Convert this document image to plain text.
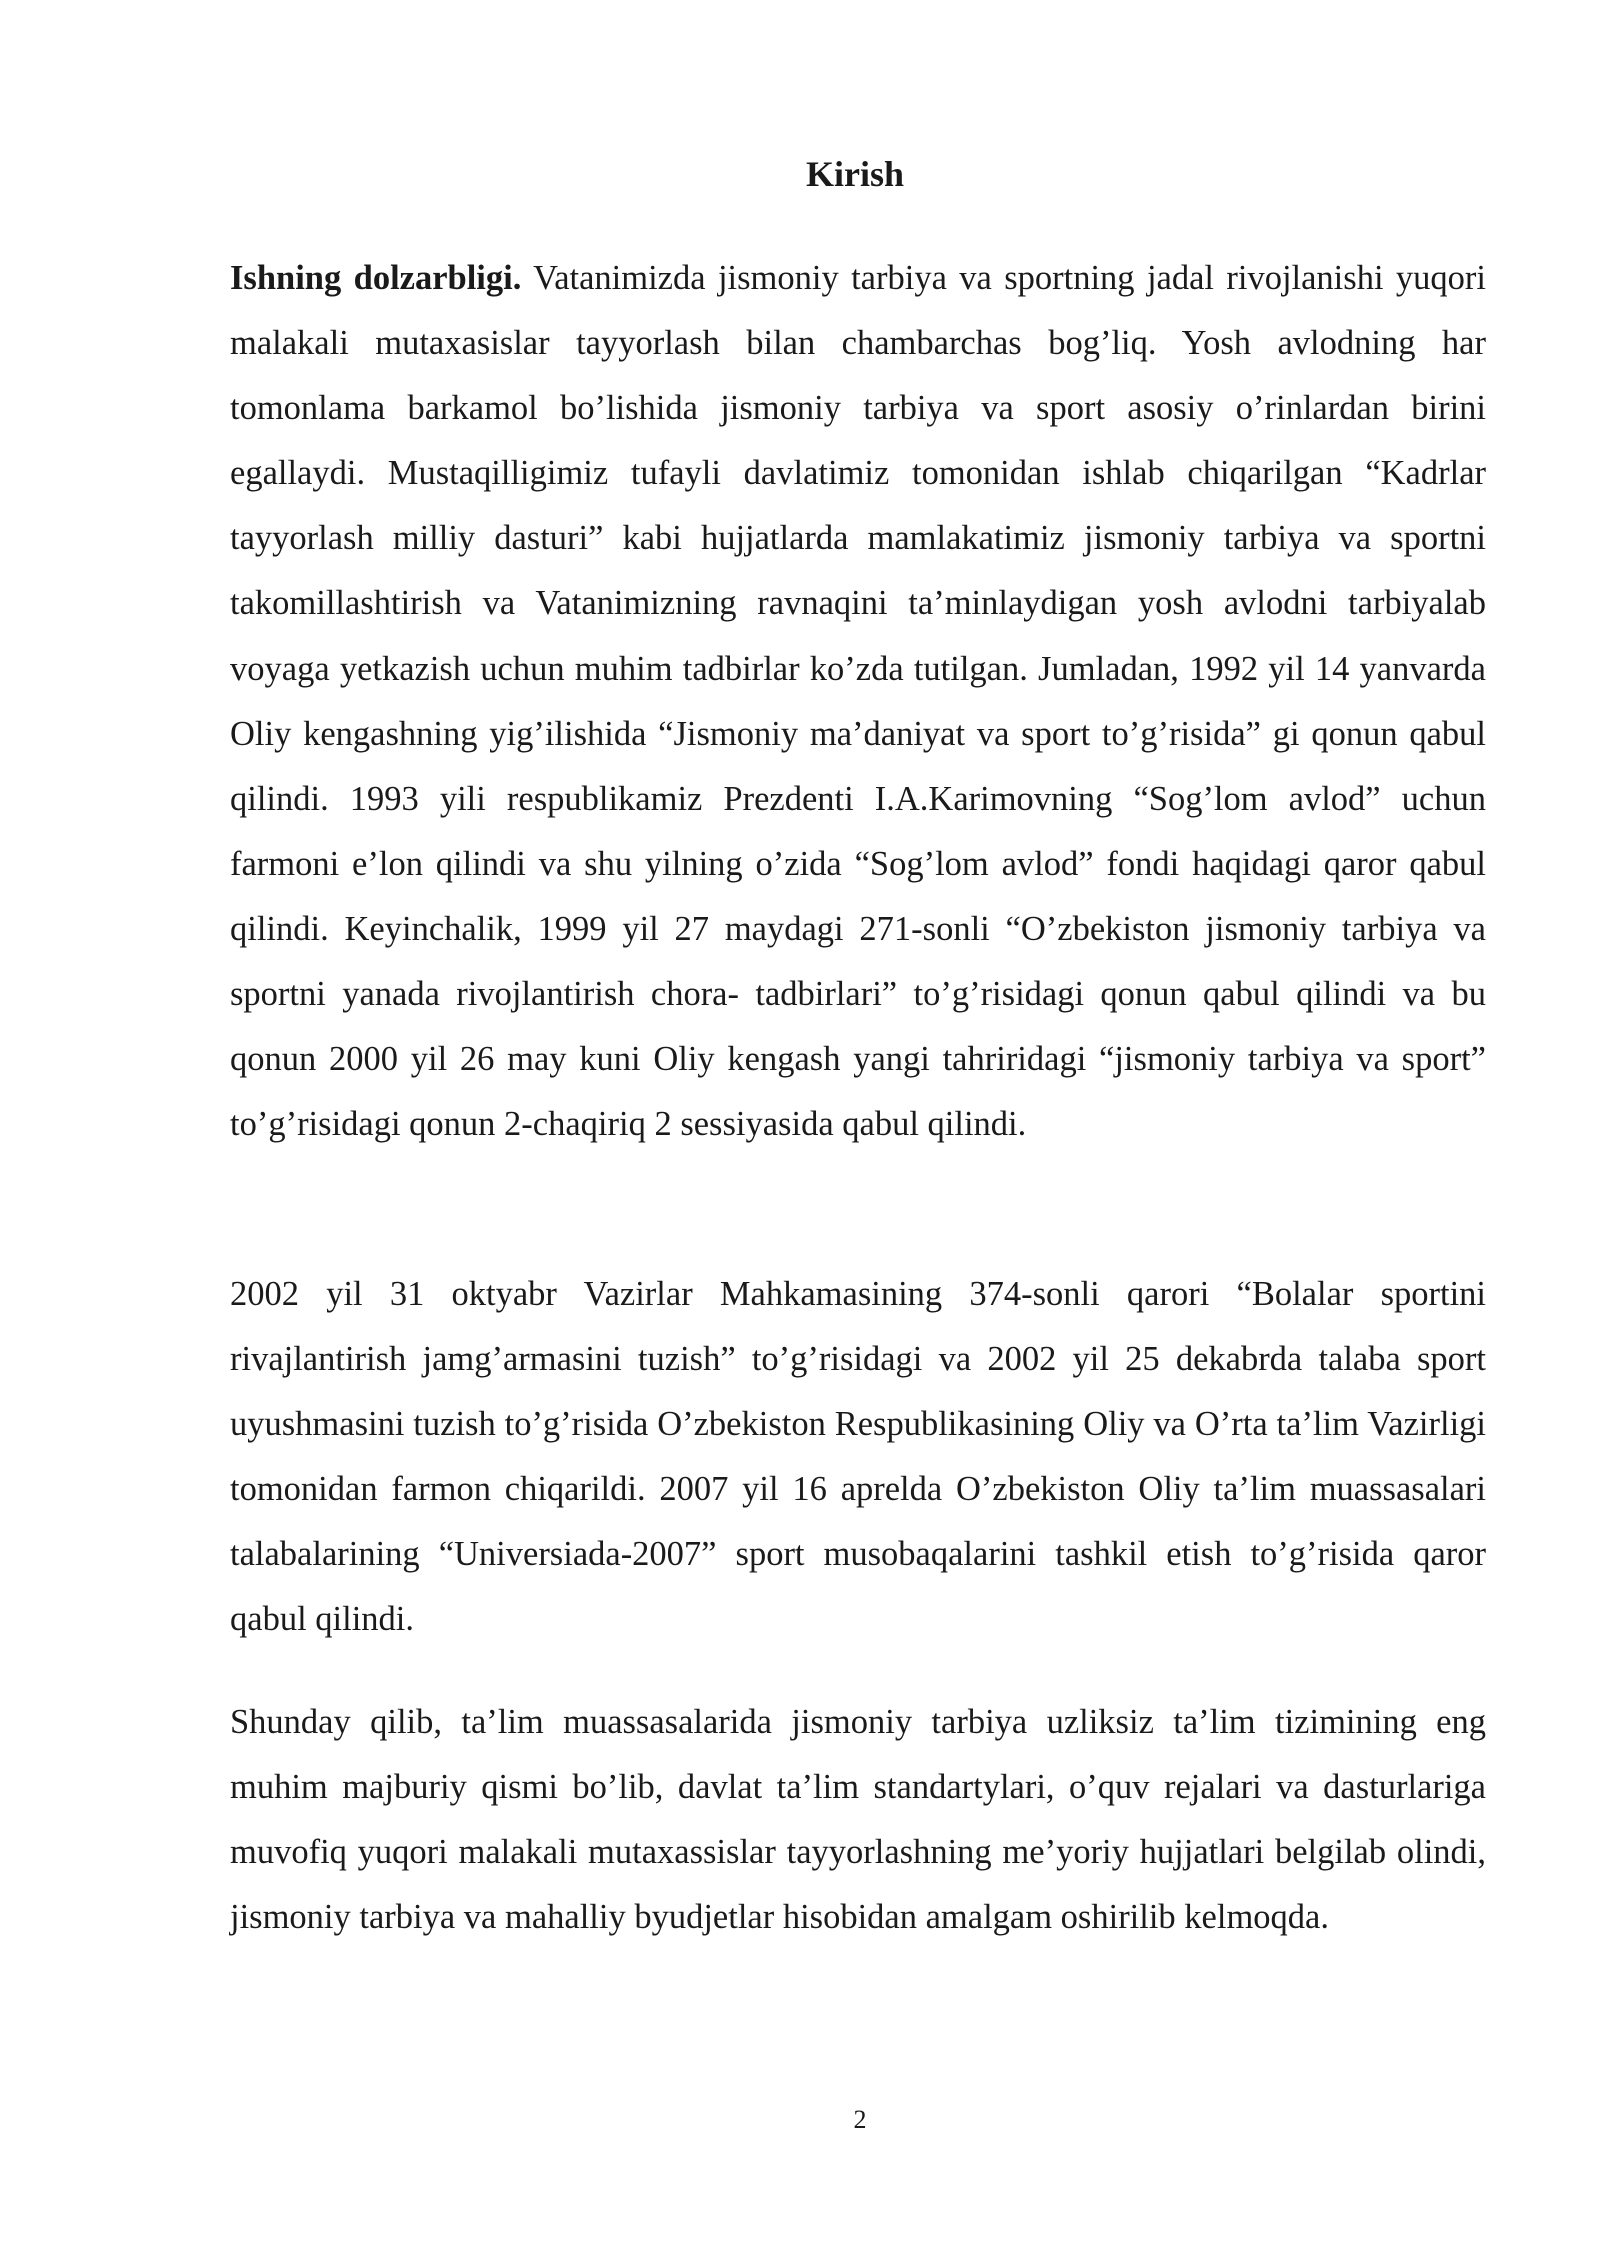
Kirish

Ishning dolzarbligi. Vatanimizda jismoniy tarbiya va sportning jadal rivojlanishi yuqori malakali mutaxasislar tayyorlash bilan chambarchas bog’liq. Yosh avlodning har tomonlama barkamol bo’lishida jismoniy tarbiya va sport asosiy o’rinlardan birini egallaydi. Mustaqilligimiz tufayli davlatimiz tomonidan ishlab chiqarilgan “Kadrlar tayyorlash milliy dasturi” kabi hujjatlarda mamlakatimiz jismoniy tarbiya va sportni takomillashtirish va Vatanimizning ravnaqini ta’minlaydigan yosh avlodni tarbiyalab voyaga yetkazish uchun muhim tadbirlar ko’zda tutilgan. Jumladan, 1992 yil 14 yanvarda Oliy kengashning yig’ilishida “Jismoniy ma’daniyat va sport to’g’risida” gi qonun qabul qilindi. 1993 yili respublikamiz Prezdenti I.A.Karimovning “Sog’lom avlod” uchun farmoni e’lon qilindi va shu yilning o’zida “Sog’lom avlod” fondi haqidagi qaror qabul qilindi. Keyinchalik, 1999 yil 27 maydagi 271-sonli “O’zbekiston jismoniy tarbiya va sportni yanada rivojlantirish chora- tadbirlari” to’g’risidagi qonun qabul qilindi va bu qonun 2000 yil 26 may kuni Oliy kengash yangi tahriridagi “jismoniy tarbiya va sport” to’g’risidagi qonun 2-chaqiriq 2 sessiyasida qabul qilindi.

2002 yil 31 oktyabr Vazirlar Mahkamasining 374-sonli qarori “Bolalar sportini rivajlantirish jamg’armasini tuzish” to’g’risidagi va 2002 yil 25 dekabrda talaba sport uyushmasini tuzish to’g’risida O’zbekiston Respublikasining Oliy va O’rta ta’lim Vazirligi tomonidan farmon chiqarildi. 2007 yil 16 aprelda O’zbekiston Oliy ta’lim muassasalari talabalarining “Universiada-2007” sport musobaqalarini tashkil etish to’g’risida qaror qabul qilindi.

Shunday qilib, ta’lim muassasalarida jismoniy tarbiya uzliksiz ta’lim tizimining eng muhim majburiy qismi bo’lib, davlat ta’lim standartylari, o’quv rejalari va dasturlariga muvofiq yuqori malakali mutaxassislar tayyorlashning me’yoriy hujjatlari belgilab olindi, jismoniy tarbiya va mahalliy byudjetlar hisobidan amalgam oshirilib kelmoqda.

2
